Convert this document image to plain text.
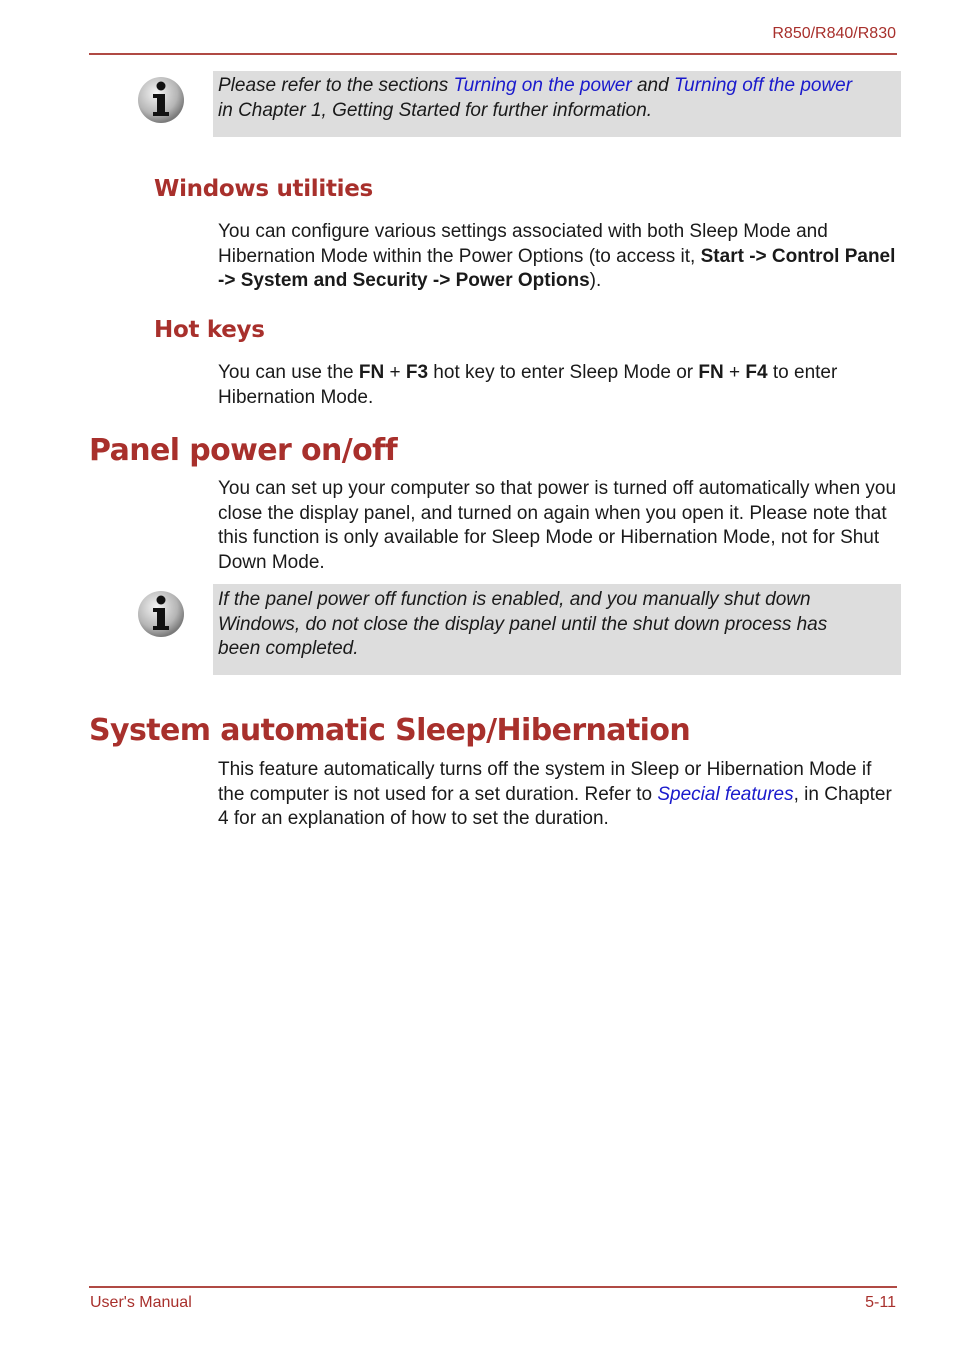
R850/R840/R830
Please refer to the sections Turning on the power and Turning off the power in Chapter 1, Getting Started for further information.
Windows utilities
You can configure various settings associated with both Sleep Mode and Hibernation Mode within the Power Options (to access it, Start -> Control Panel -> System and Security -> Power Options).
Hot keys
You can use the FN + F3 hot key to enter Sleep Mode or FN + F4 to enter Hibernation Mode.
Panel power on/off
You can set up your computer so that power is turned off automatically when you close the display panel, and turned on again when you open it. Please note that this function is only available for Sleep Mode or Hibernation Mode, not for Shut Down Mode.
If the panel power off function is enabled, and you manually shut down Windows, do not close the display panel until the shut down process has been completed.
System automatic Sleep/Hibernation
This feature automatically turns off the system in Sleep or Hibernation Mode if the computer is not used for a set duration. Refer to Special features, in Chapter 4 for an explanation of how to set the duration.
User's Manual	5-11
